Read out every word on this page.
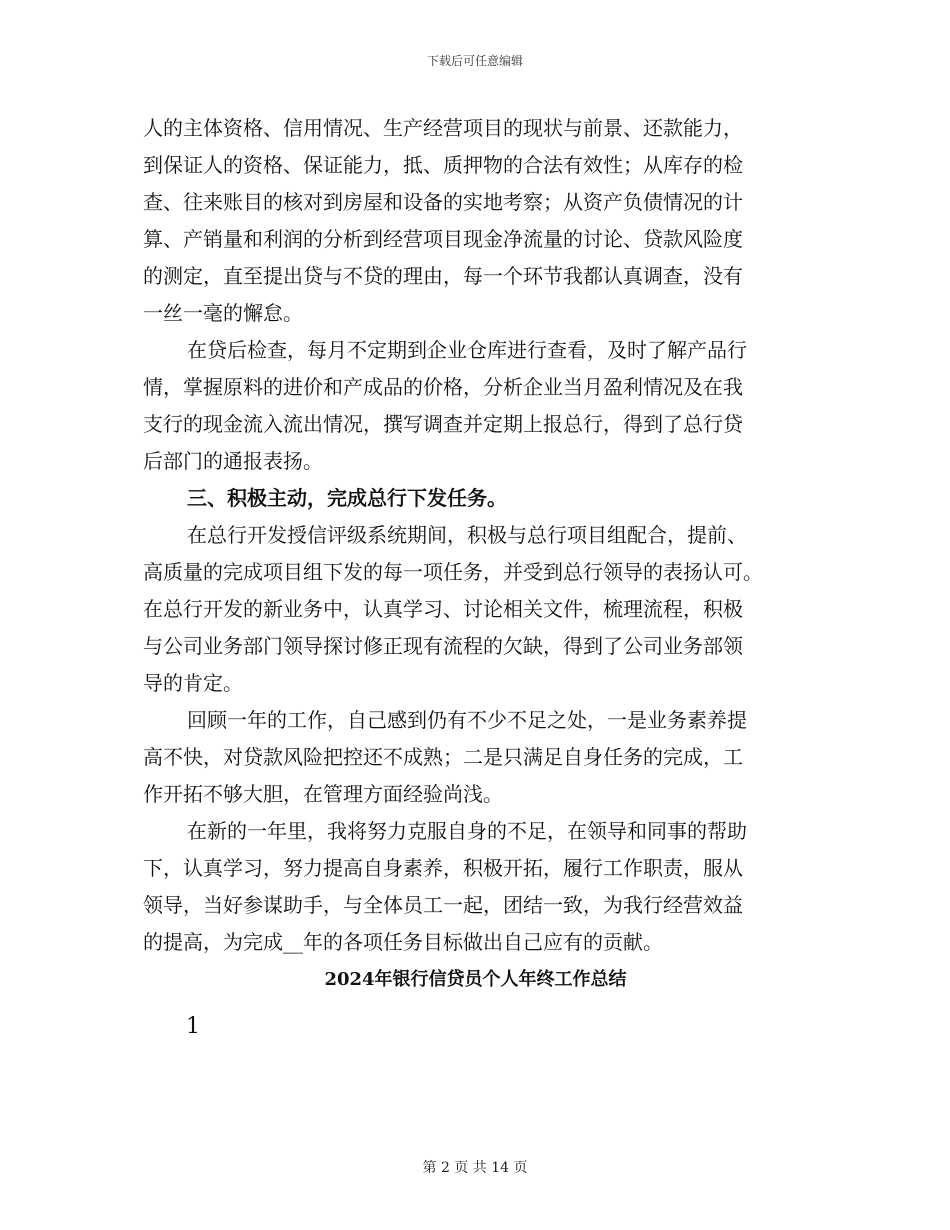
下载后可任意编辑
人的主体资格、信用情况、生产经营项目的现状与前景、还款能力，
到保证人的资格、保证能力，抵、质押物的合法有效性；从库存的检
查、往来账目的核对到房屋和设备的实地考察；从资产负债情况的计
算、产销量和利润的分析到经营项目现金净流量的讨论、贷款风险度
的测定，直至提出贷与不贷的理由，每一个环节我都认真调查，没有
一丝一毫的懈怠。
在贷后检查，每月不定期到企业仓库进行查看，及时了解产品行
情，掌握原料的进价和产成品的价格，分析企业当月盈利情况及在我
支行的现金流入流出情况，撰写调查并定期上报总行，得到了总行贷
后部门的通报表扬。
三、积极主动，完成总行下发任务。
在总行开发授信评级系统期间，积极与总行项目组配合，提前、
高质量的完成项目组下发的每一项任务，并受到总行领导的表扬认可。
在总行开发的新业务中，认真学习、讨论相关文件，梳理流程，积极
与公司业务部门领导探讨修正现有流程的欠缺，得到了公司业务部领
导的肯定。
回顾一年的工作，自己感到仍有不少不足之处，一是业务素养提
高不快，对贷款风险把控还不成熟；二是只满足自身任务的完成，工
作开拓不够大胆，在管理方面经验尚浅。
在新的一年里，我将努力克服自身的不足，在领导和同事的帮助
下，认真学习，努力提高自身素养，积极开拓，履行工作职责，服从
领导，当好参谋助手，与全体员工一起，团结一致，为我行经营效益
的提高，为完成__年的各项任务目标做出自己应有的贡献。
2024年银行信贷员个人年终工作总结
1
第 2 页 共 14 页
